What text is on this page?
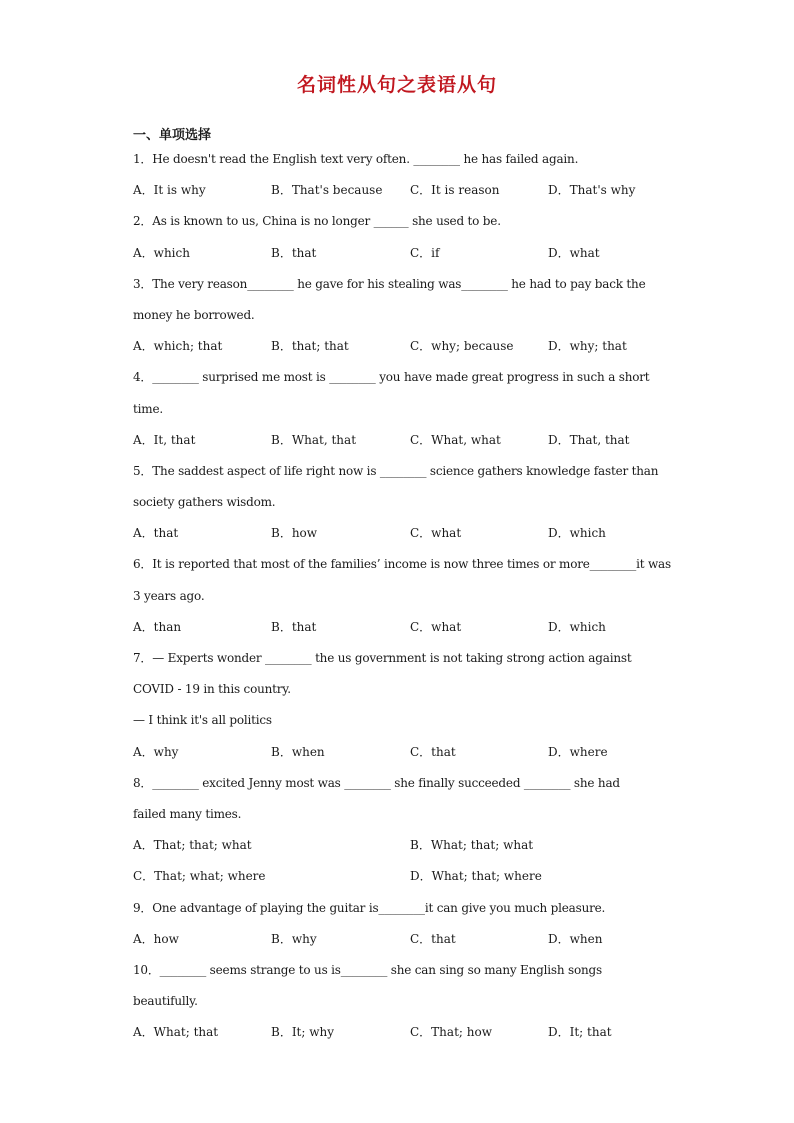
名词性从句之表语从句
一、单项选择
1．He doesn't read the English text very often. ________ he has failed again.
A．It is why	B．That's because C．It is reason	D．That's why
2．As is known to us, China is no longer ______ she used to be.
A．which	B．that	C．if	D．what
3．The very reason________ he gave for his stealing was________ he had to pay back the
money he borrowed.
A．which; that	B．that; that	C．why; because	D．why; that
4．________ surprised me most is ________ you have made great progress in such a short
time.
A．It, that	B．What, that	C．What, what	D．That, that
5．The saddest aspect of life right now is ________ science gathers knowledge faster than
society gathers wisdom.
A．that	B．how	C．what	D．which
6．It is reported that most of the families’ income is now three times or more________it was
3 years ago.
A．than	B．that	C．what	D．which
7．— Experts wonder ________ the us government is not taking strong action against
COVID - 19 in this country.
— I think it's all politics
A．why	B．when	C．that	D．where
8．________ excited Jenny most was ________ she finally succeeded ________ she had
failed many times.
A．That; that; what	B．What; that; what
C．That; what; where	D．What; that; where
9．One advantage of playing the guitar is________it can give you much pleasure.
A．how	B．why	C．that	D．when
10．________ seems strange to us is________ she can sing so many English songs
beautifully.
A．What; that	B．It; why	C．That; how	D．It; that
